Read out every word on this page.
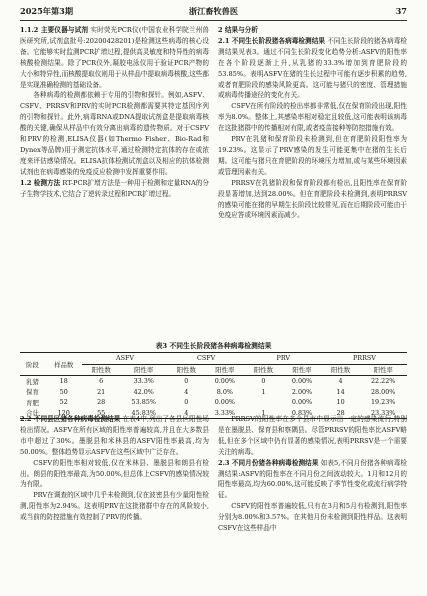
2025年第3期	浙江畜牧兽医	37

1.1.2 主要仪器与试剂 实时荧光PCR仪(中国农业科学院兰州兽医研究所,试剂盒批号:20200428201)是检测这些病毒的核心设备。它能够实时监测PCR扩增过程,提供高灵敏度和特异性的病毒核酸检测结果。除了PCR仪外,凝胶电泳仪用于验证PCR产物的大小和特异性,而核酸提取仪则用于从样品中提取病毒核酸,这些都是实现准确检测的基础设备。

各种病毒的检测都依赖于专用的引物和探针。例如,ASFV、CSFV、PRRSV和PRV的实时PCR检测都需要其特定基因序列的引物和探针。此外,病毒RNA或DNA提取试剂盒是提取病毒核酸的关键,确保从样品中有效分离出病毒的遗传物质。对于CSFV和PRV的检测,ELISA仪器(如Thermo Fisher、Bio-Rad和Dynex等品牌)用于测定抗体水平,通过检测特定抗体的存在或浓度来评估感染情况。ELISA抗体检测试剂盒以及相应的抗体检测试剂也在病毒感染的免疫反应检测中发挥重要作用。

1.2 检测方法 RT-PCR扩增方法是一种用于检测和定量RNA的分子生物学技术,它结合了逆转录过程和PCR扩增过程。

2 结果与分析

2.1 不同生长阶段猪各病毒检测结果 不同生长阶段的猪各病毒检测结果见表3。通过不同生长阶段变化趋势分析:ASFV的阳性率在各个阶段逐渐上升,从乳猪的33.3%增加到育肥阶段的53.85%。表明ASFV在猪的生长过程中可能有逐步积累的趋势,或者育肥阶段的感染风险更高。这可能与猪只的密度、管理措施或病毒传播途径的变化有关。

CSFV在所有阶段的检出率都非常低,仅在保育阶段出现,阳性率为8.0%。整体上,其感染率相对稳定且较低,这可能表明该病毒在这批猪群中的传播相对有限,或者疫苗接种等防控措施有效。

PRV在乳猪和保育阶段未检测到,但在育肥阶段阳性率为19.23%。这显示了PRV感染的发生可能更集中在猪的生长后期。这可能与猪只在育肥阶段的环境压力增加,或与某些环境因素或管理因素有关。

PRRSV在乳猪阶段和保育阶段都有检出,且阳性率在保育阶段显著增加,达到28.00%。但在育肥阶段未检测到,表明PRRSV的感染可能在猪的早期生长阶段比较常见,而在后期阶段可能由于免疫应答或环境因素而减少。

表3 不同生长阶段猪各种病毒检测结果
阶段	样品数	ASFV		CSFV		PRV		PRRSV	
		阳性数	阳性率	阳性数	阳性率	阳性数	阳性率	阳性数	阳性率
乳猪	18	6	33.3%	0	0.00%	0	0.00%	4	22.22%
保育	50	21	42.0%	4	8.0%	1	2.00%	14	28.00%
育肥	52	28	53.85%	0	0.00%		0.00%	10	19.23%
合计	120	55	45.83%	4	3.33%	1	0.83%	28	23.33%

2.2 不同县区猪各种病毒检测结果 在表4中,列出了各县区阳性场检出情况。ASFV在所有区域的阳性率普遍较高,并且在大多数县市中超过了30%。墨脱县和米林县的ASFV阳性率最高,均为50.00%。整体趋势显示ASFV在这些区域中广泛存在。

CSFV的阳性率相对较低,仅在米林县、墨脱县和朗县有检出。朗县的阳性率最高,为50.00%,但总体上CSFV的感染情况较为有限。

PRV在调查的区域中几乎未检测到,仅在波密县有少量阳性检测,阳性率为2.94%。这表明PRV在这批猪群中存在的风险较小,或当前的防控措施有效控制了PRV的传播。

PRRSV的阳性率在多个县市中显示出一定的感染流行,特别是在墨脱县、保育县和察隅县。尽管PRRSV的阳性率比ASFV略低,但在多个区域中仍有显著的感染情况,表明PRRSV是一个需要关注的病毒。

2.3 不同月份猪各种病毒检测结果 如表5,不同月份猪各种病毒检测结果:ASFV的阳性率在不同月份之间波动较大。1月和12月的阳性率最高,均为60.00%,这可能反映了季节性变化或流行病学特征。

CSFV的阳性率普遍较低,只有在3月和5月有检测到,阳性率分别为8.00%和3.57%。在其他月份未检测到阳性样品。这表明CSFV在这些样品中
